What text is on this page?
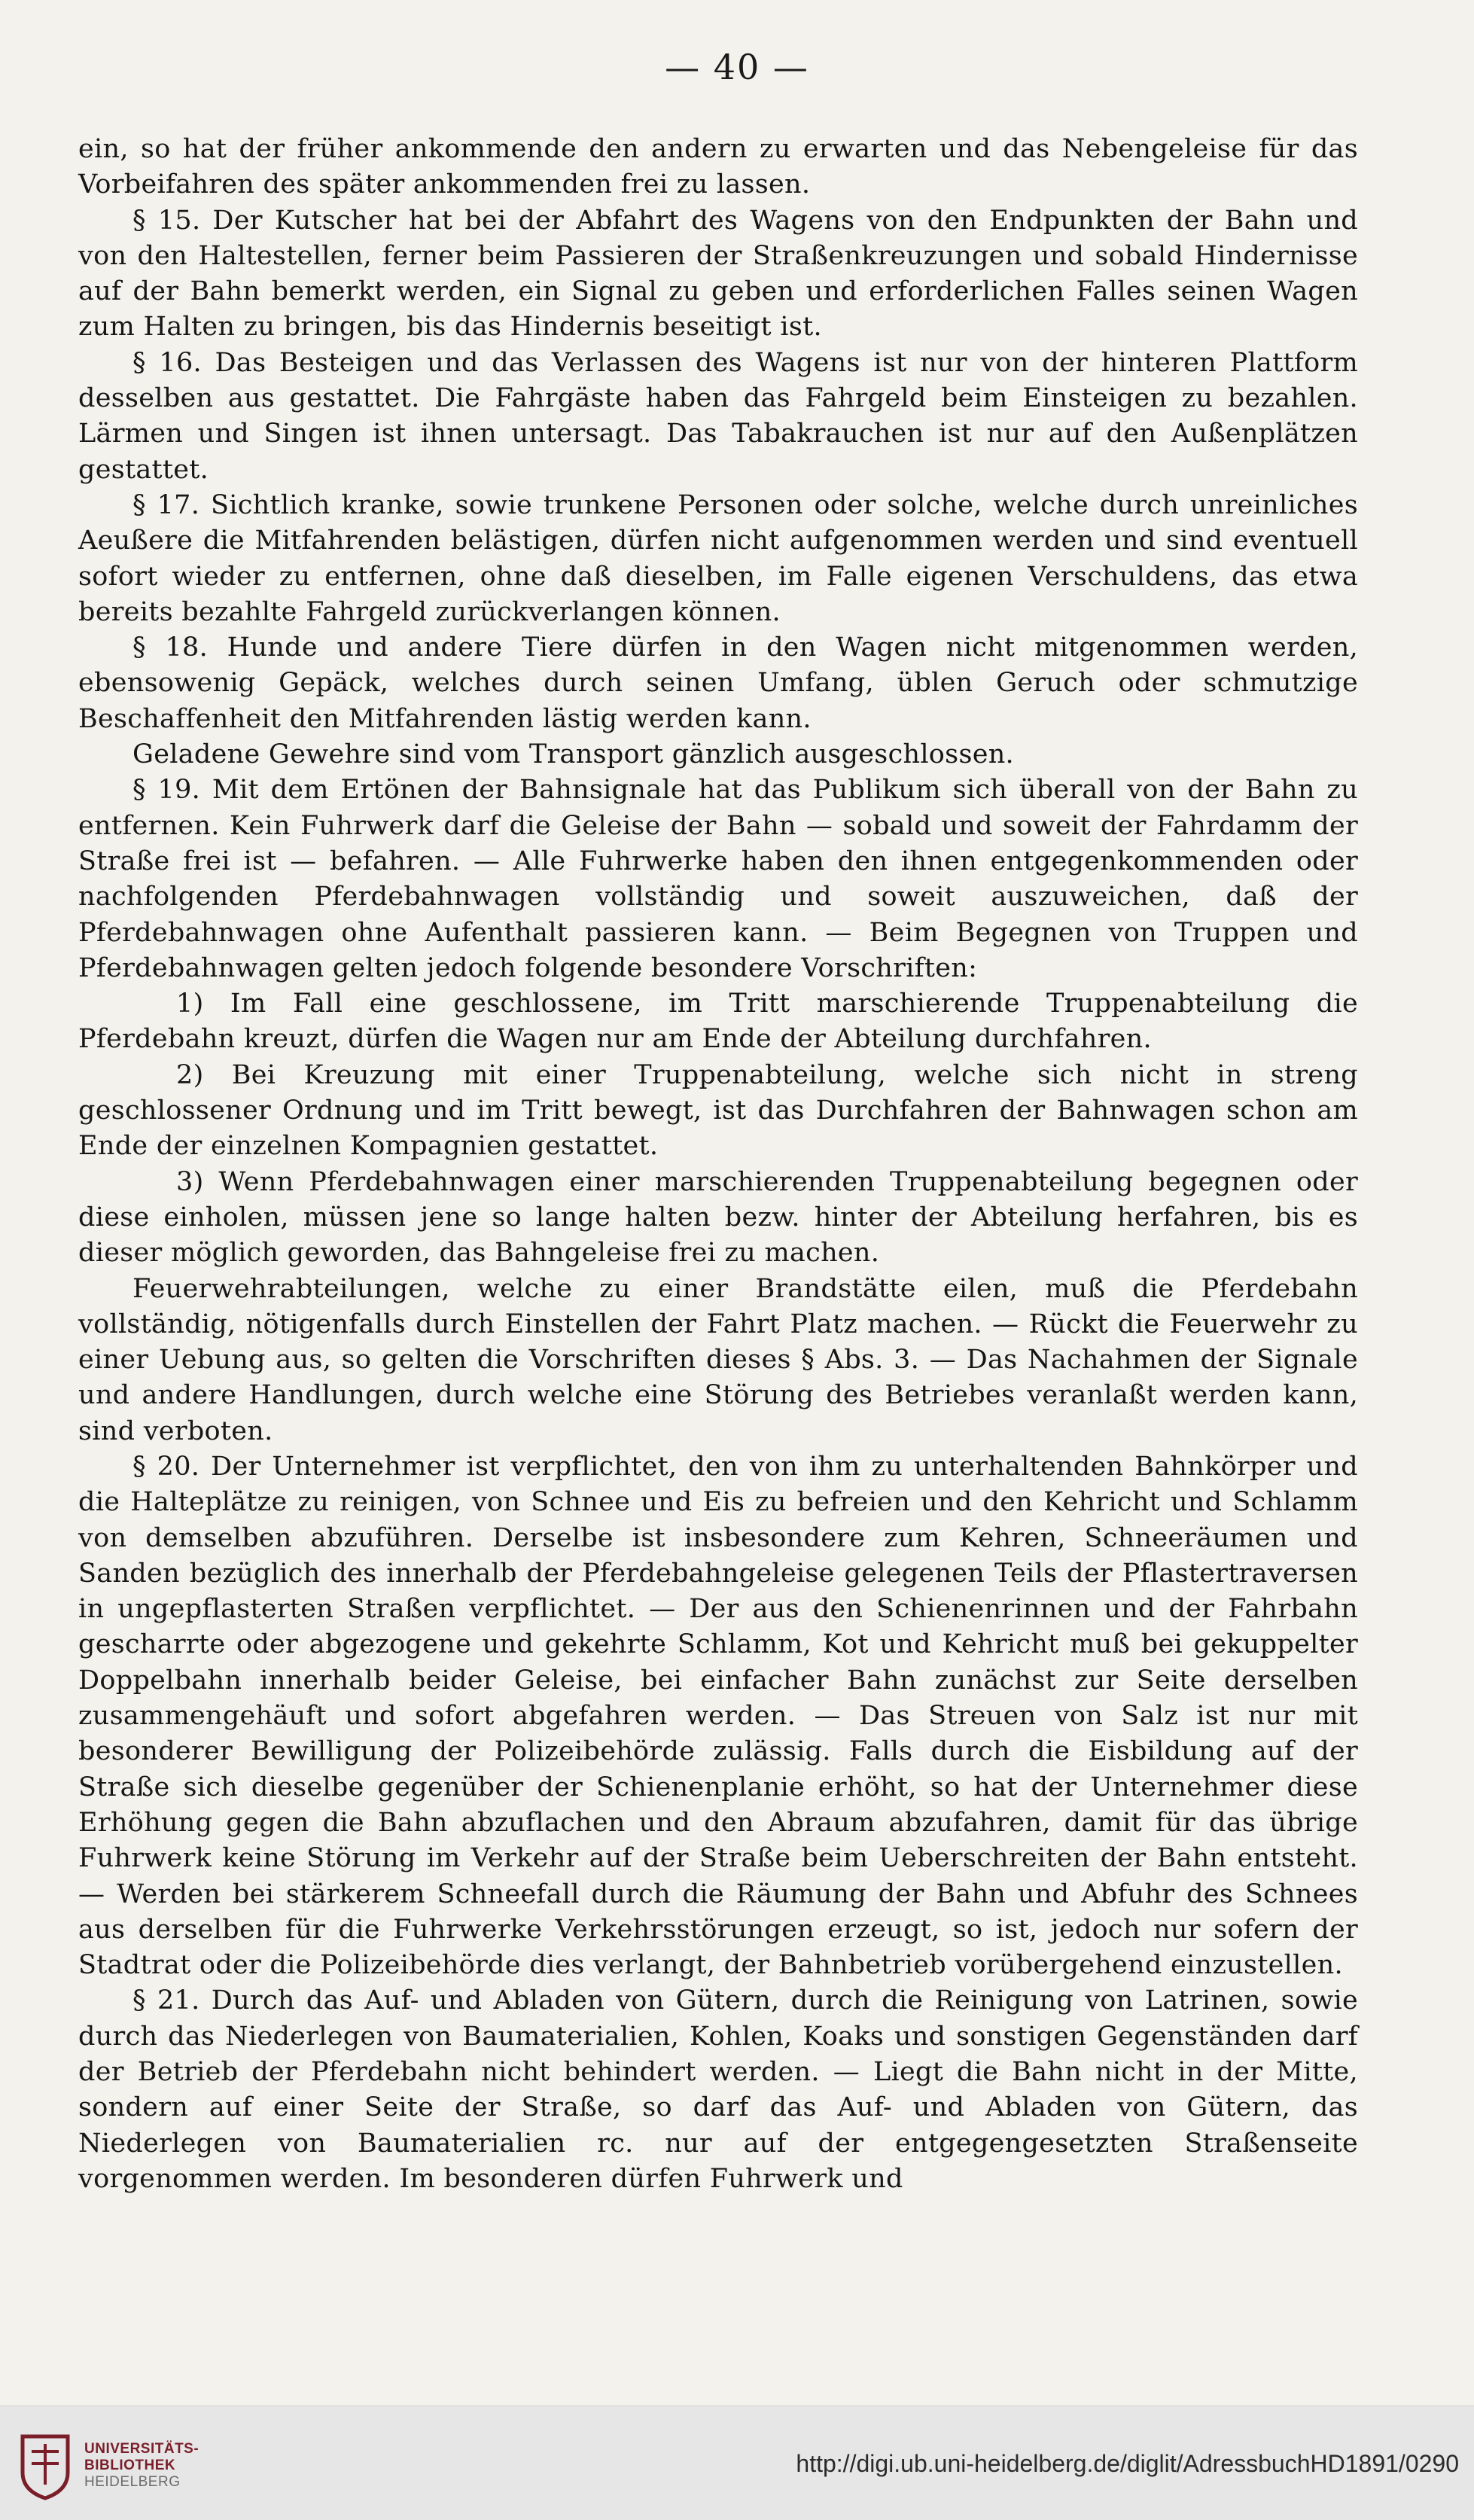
— 40 —

ein, so hat der früher ankommende den andern zu erwarten und das Nebengeleise für das Vorbeifahren des später ankommenden frei zu lassen.

§ 15. Der Kutscher hat bei der Abfahrt des Wagens von den Endpunkten der Bahn und von den Haltestellen, ferner beim Passieren der Straßenkreuzungen und sobald Hindernisse auf der Bahn bemerkt werden, ein Signal zu geben und erforderlichen Falles seinen Wagen zum Halten zu bringen, bis das Hindernis beseitigt ist.

§ 16. Das Besteigen und das Verlassen des Wagens ist nur von der hinteren Plattform desselben aus gestattet. Die Fahrgäste haben das Fahrgeld beim Einsteigen zu bezahlen. Lärmen und Singen ist ihnen untersagt. Das Tabakrauchen ist nur auf den Außenplätzen gestattet.

§ 17. Sichtlich kranke, sowie trunkene Personen oder solche, welche durch unreinliches Aeußere die Mitfahrenden belästigen, dürfen nicht aufgenommen werden und sind eventuell sofort wieder zu entfernen, ohne daß dieselben, im Falle eigenen Verschuldens, das etwa bereits bezahlte Fahrgeld zurückverlangen können.

§ 18. Hunde und andere Tiere dürfen in den Wagen nicht mitgenommen werden, ebensowenig Gepäck, welches durch seinen Umfang, üblen Geruch oder schmutzige Beschaffenheit den Mitfahrenden lästig werden kann.

Geladene Gewehre sind vom Transport gänzlich ausgeschlossen.

§ 19. Mit dem Ertönen der Bahnsignale hat das Publikum sich überall von der Bahn zu entfernen. Kein Fuhrwerk darf die Geleise der Bahn — sobald und soweit der Fahrdamm der Straße frei ist — befahren. — Alle Fuhrwerke haben den ihnen entgegenkommenden oder nachfolgenden Pferdebahnwagen vollständig und soweit auszuweichen, daß der Pferdebahnwagen ohne Aufenthalt passieren kann. — Beim Begegnen von Truppen und Pferdebahnwagen gelten jedoch folgende besondere Vorschriften:

1) Im Fall eine geschlossene, im Tritt marschierende Truppenabteilung die Pferdebahn kreuzt, dürfen die Wagen nur am Ende der Abteilung durchfahren.

2) Bei Kreuzung mit einer Truppenabteilung, welche sich nicht in streng geschlossener Ordnung und im Tritt bewegt, ist das Durchfahren der Bahnwagen schon am Ende der einzelnen Kompagnien gestattet.

3) Wenn Pferdebahnwagen einer marschierenden Truppenabteilung begegnen oder diese einholen, müssen jene so lange halten bezw. hinter der Abteilung herfahren, bis es dieser möglich geworden, das Bahngeleise frei zu machen.

Feuerwehrabteilungen, welche zu einer Brandstätte eilen, muß die Pferdebahn vollständig, nötigenfalls durch Einstellen der Fahrt Platz machen. — Rückt die Feuerwehr zu einer Uebung aus, so gelten die Vorschriften dieses § Abs. 3. — Das Nachahmen der Signale und andere Handlungen, durch welche eine Störung des Betriebes veranlaßt werden kann, sind verboten.

§ 20. Der Unternehmer ist verpflichtet, den von ihm zu unterhaltenden Bahnkörper und die Halteplätze zu reinigen, von Schnee und Eis zu befreien und den Kehricht und Schlamm von demselben abzuführen. Derselbe ist insbesondere zum Kehren, Schneeräumen und Sanden bezüglich des innerhalb der Pferdebahngeleise gelegenen Teils der Pflastertraversen in ungepflasterten Straßen verpflichtet. — Der aus den Schienenrinnen und der Fahrbahn gescharrte oder abgezogene und gekehrte Schlamm, Kot und Kehricht muß bei gekuppelter Doppelbahn innerhalb beider Geleise, bei einfacher Bahn zunächst zur Seite derselben zusammengehäuft und sofort abgefahren werden. — Das Streuen von Salz ist nur mit besonderer Bewilligung der Polizeibehörde zulässig. Falls durch die Eisbildung auf der Straße sich dieselbe gegenüber der Schienenplanie erhöht, so hat der Unternehmer diese Erhöhung gegen die Bahn abzuflachen und den Abraum abzufahren, damit für das übrige Fuhrwerk keine Störung im Verkehr auf der Straße beim Ueberschreiten der Bahn entsteht. — Werden bei stärkerem Schneefall durch die Räumung der Bahn und Abfuhr des Schnees aus derselben für die Fuhrwerke Verkehrsstörungen erzeugt, so ist, jedoch nur sofern der Stadtrat oder die Polizeibehörde dies verlangt, der Bahnbetrieb vorübergehend einzustellen.

§ 21. Durch das Auf- und Abladen von Gütern, durch die Reinigung von Latrinen, sowie durch das Niederlegen von Baumaterialien, Kohlen, Koaks und sonstigen Gegenständen darf der Betrieb der Pferdebahn nicht behindert werden. — Liegt die Bahn nicht in der Mitte, sondern auf einer Seite der Straße, so darf das Auf- und Abladen von Gütern, das Niederlegen von Baumaterialien rc. nur auf der entgegengesetzten Straßenseite vorgenommen werden. Im besonderen dürfen Fuhrwerk und

UNIVERSITÄTS-
BIBLIOTHEK
HEIDELBERG
http://digi.ub.uni-heidelberg.de/diglit/AdressbuchHD1891/0290
